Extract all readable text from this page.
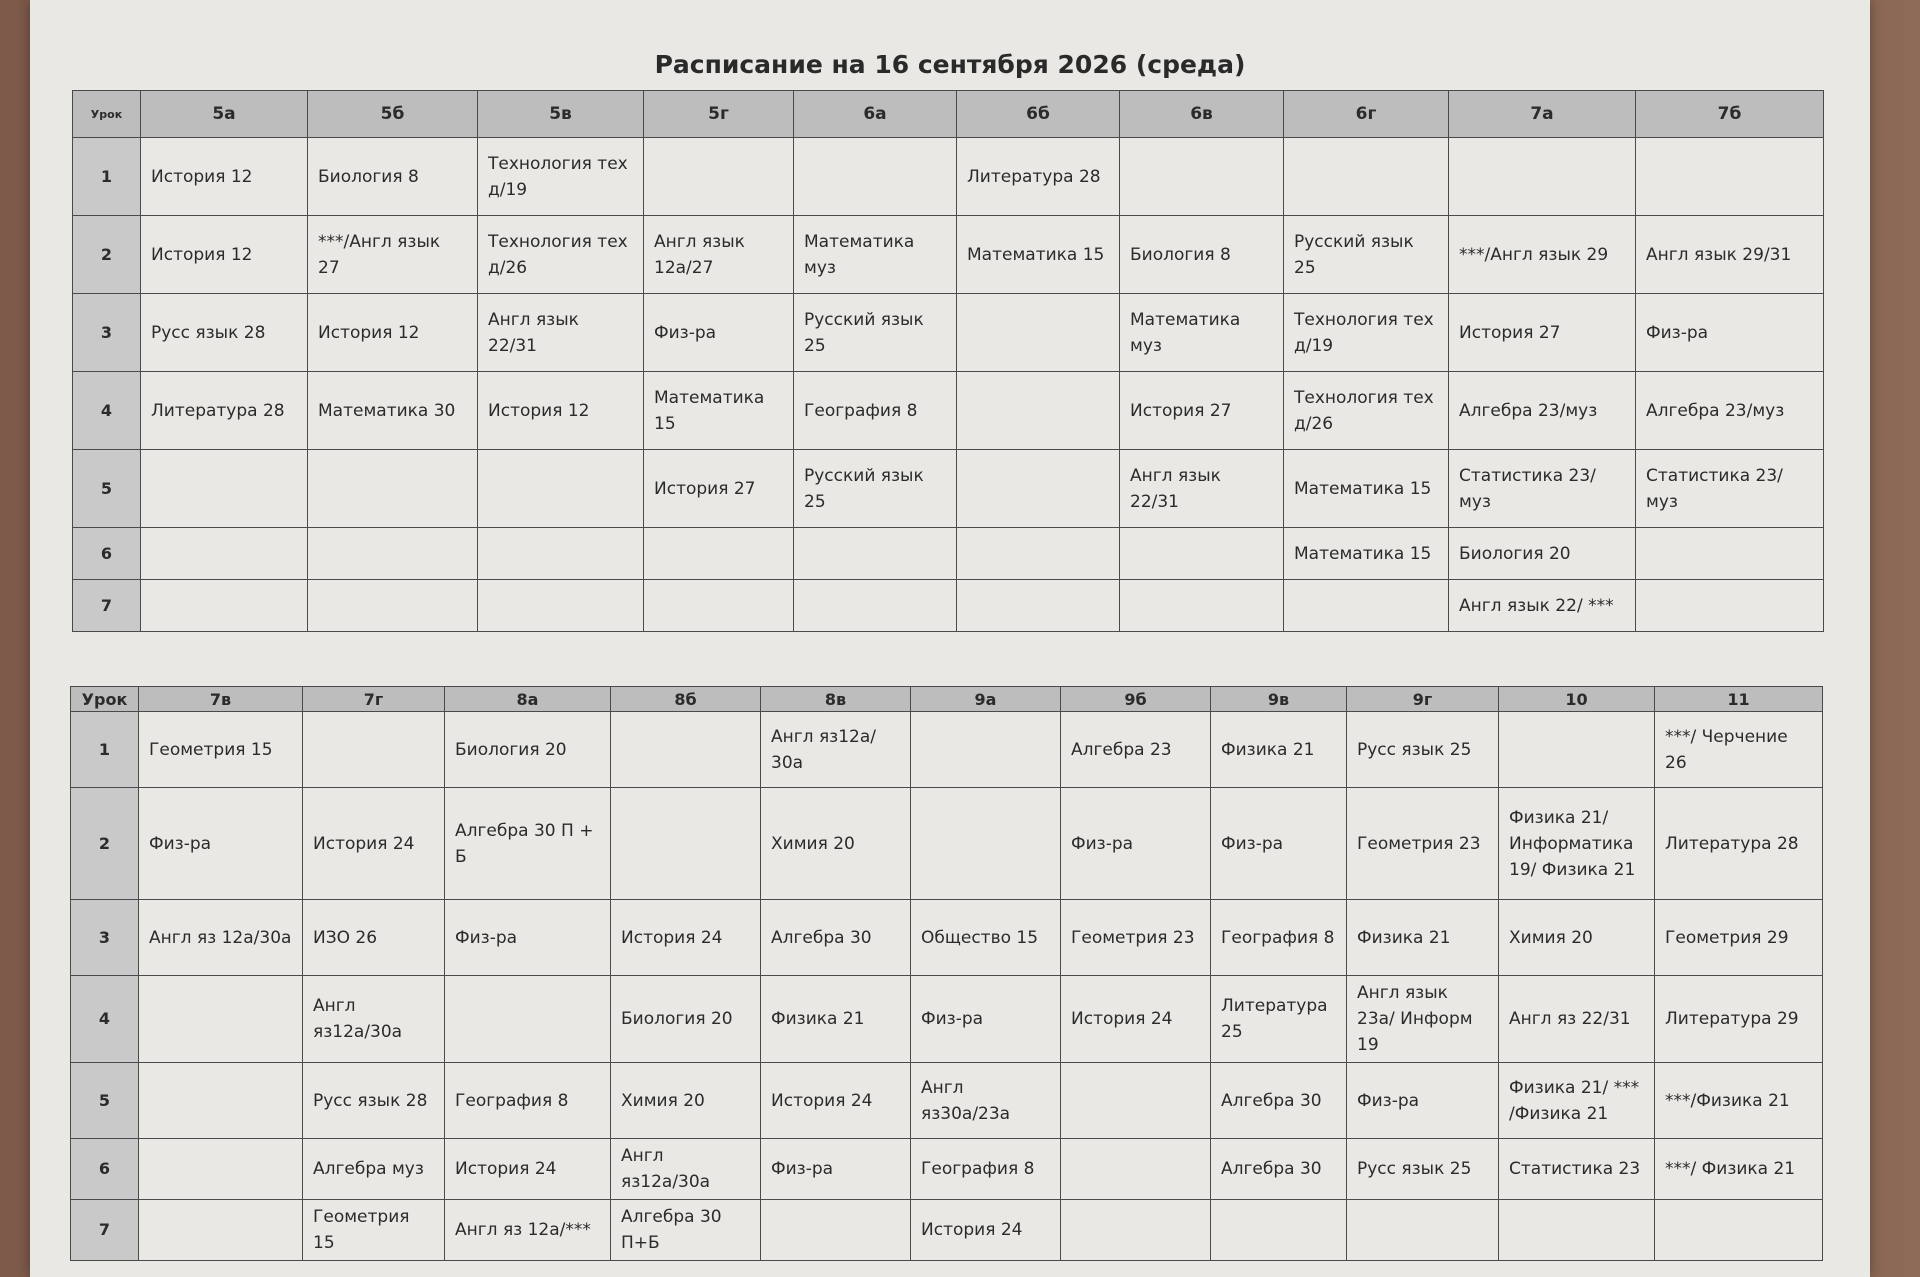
Расписание на 16 сентября 2026 (среда)
Урок	5а	5б	5в	5г	6а	6б	6в	6г	7а	7б
1	История 12	Биология 8	Технология тех д/19			Литература 28				
2	История 12	***/Англ язык 27	Технология тех д/26	Англ язык 12а/27	Математика муз	Математика 15	Биология 8	Русский язык 25	***/Англ язык 29	Англ язык 29/31
3	Русс язык 28	История 12	Англ язык 22/31	Физ-ра	Русский язык 25		Математика муз	Технология тех д/19	История 27	Физ-ра
4	Литература 28	Математика 30	История 12	Математика 15	География 8		История 27	Технология тех д/26	Алгебра 23/муз	Алгебра 23/муз
5				История 27	Русский язык 25		Англ язык 22/31	Математика 15	Статистика 23/муз	Статистика 23/муз
6								Математика 15	Биология 20	
7									Англ язык 22/ ***	
Урок	7в	7г	8а	8б	8в	9а	9б	9в	9г	10	11
1	Геометрия 15		Биология 20		Англ яз12а/ 30а		Алгебра 23	Физика 21	Русс язык 25		***/ Черчение 26
2	Физ-ра	История 24	Алгебра 30 П + Б		Химия 20		Физ-ра	Физ-ра	Геометрия 23	Физика 21/ Информатика 19/ Физика 21	Литература 28
3	Англ яз 12а/30а	ИЗО 26	Физ-ра	История 24	Алгебра 30	Общество 15	Геометрия 23	География 8	Физика 21	Химия 20	Геометрия 29
4		Англ яз12а/30а		Биология 20	Физика 21	Физ-ра	История 24	Литература 25	Англ язык 23а/ Информ 19	Англ яз 22/31	Литература 29
5		Русс язык 28	География 8	Химия 20	История 24	Англ яз30а/23а		Алгебра 30	Физ-ра	Физика 21/ *** /Физика 21	***/Физика 21
6		Алгебра муз	История 24	Англ яз12а/30а	Физ-ра	География 8		Алгебра 30	Русс язык 25	Статистика 23	***/ Физика 21
7		Геометрия 15	Англ яз 12а/***	Алгебра 30 П+Б		История 24					
